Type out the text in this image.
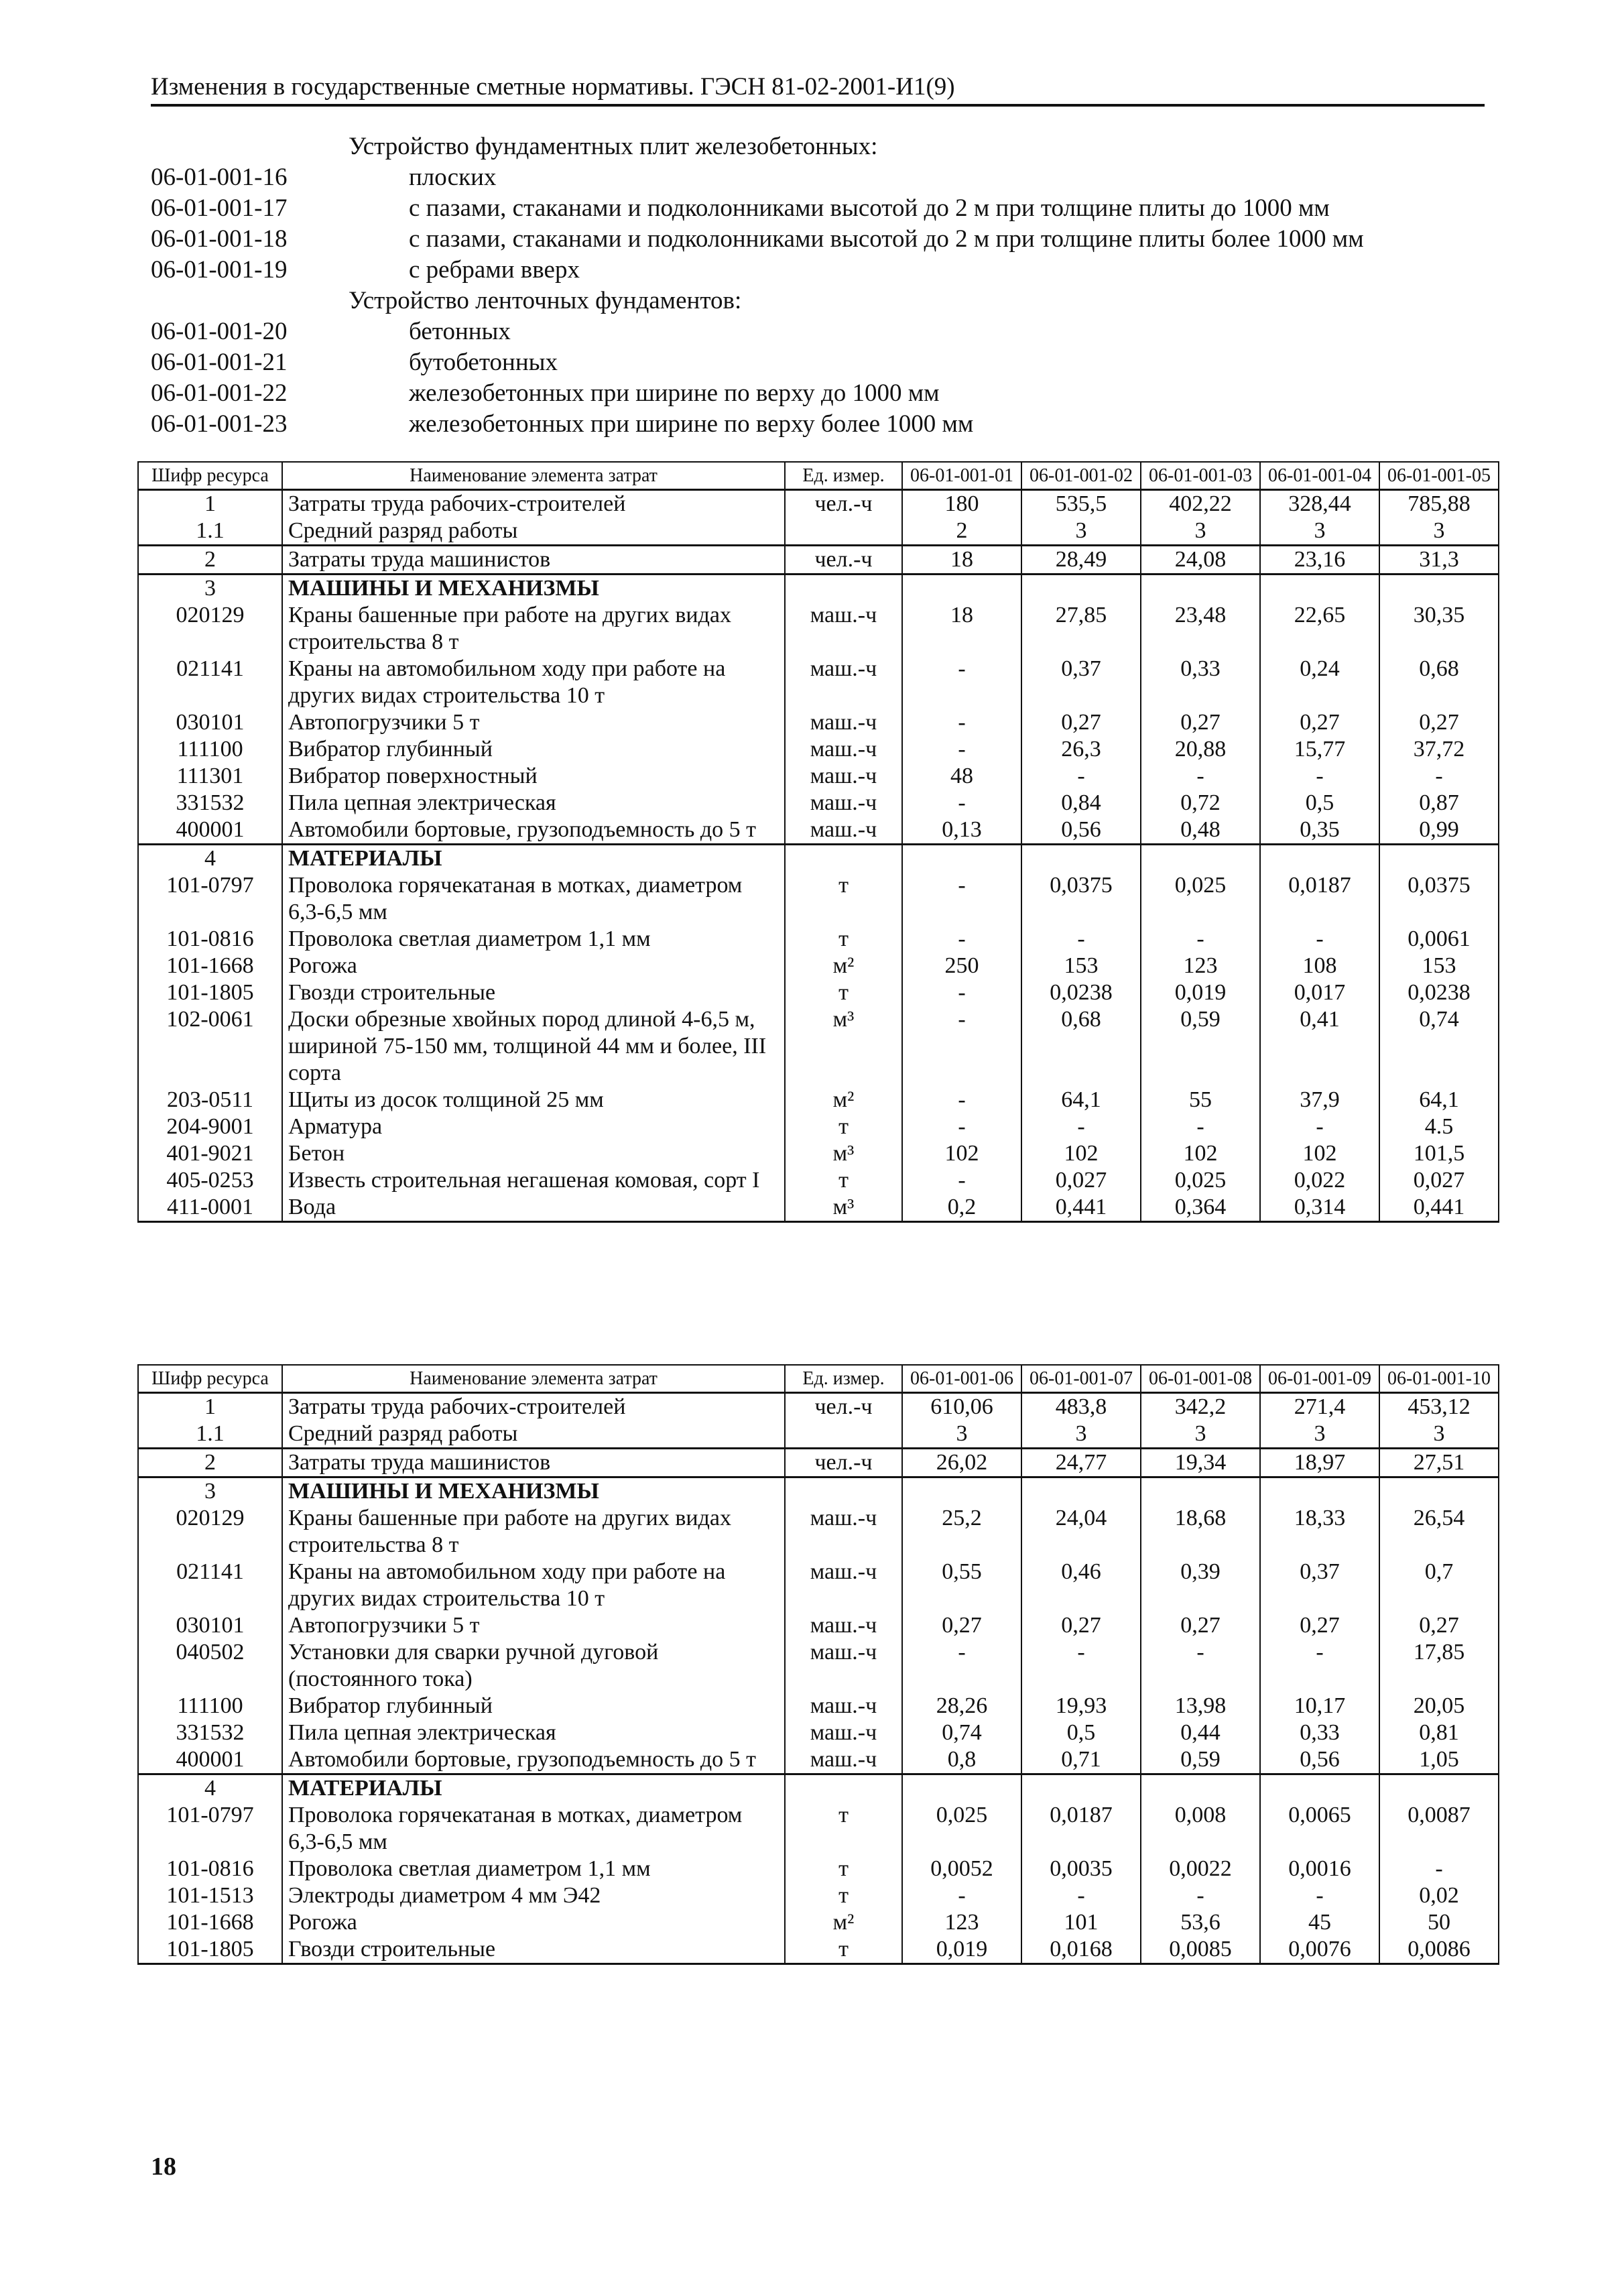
Изменения в государственные сметные нормативы. ГЭСН 81-02-2001-И1(9)
Устройство фундаментных плит железобетонных:
06-01-001-16	плоских
06-01-001-17	с пазами, стаканами и подколонниками высотой до 2 м при толщине плиты до 1000 мм
06-01-001-18	с пазами, стаканами и подколонниками высотой до 2 м при толщине плиты более 1000 мм
06-01-001-19	с ребрами вверх
Устройство ленточных фундаментов:
06-01-001-20	бетонных
06-01-001-21	бутобетонных
06-01-001-22	железобетонных при ширине по верху до 1000 мм
06-01-001-23	железобетонных при ширине по верху более 1000 мм
Шифр ресурса	Наименование элемента затрат	Ед. измер.	06-01-001-01	06-01-001-02	06-01-001-03	06-01-001-04	06-01-001-05
1	Затраты труда рабочих-строителей	чел.-ч	180	535,5	402,22	328,44	785,88
1.1	Средний разряд работы		2	3	3	3	3
2	Затраты труда машинистов	чел.-ч	18	28,49	24,08	23,16	31,3
3	МАШИНЫ И МЕХАНИЗМЫ						
020129	Краны башенные при работе на других видах строительства 8 т	маш.-ч	18	27,85	23,48	22,65	30,35
021141	Краны на автомобильном ходу при работе на других видах строительства 10 т	маш.-ч	-	0,37	0,33	0,24	0,68
030101	Автопогрузчики 5 т	маш.-ч	-	0,27	0,27	0,27	0,27
111100	Вибратор глубинный	маш.-ч	-	26,3	20,88	15,77	37,72
111301	Вибратор поверхностный	маш.-ч	48	-	-	-	-
331532	Пила цепная электрическая	маш.-ч	-	0,84	0,72	0,5	0,87
400001	Автомобили бортовые, грузоподъемность до 5 т	маш.-ч	0,13	0,56	0,48	0,35	0,99
4	МАТЕРИАЛЫ						
101-0797	Проволока горячекатаная в мотках, диаметром 6,3-6,5 мм	т	-	0,0375	0,025	0,0187	0,0375
101-0816	Проволока светлая диаметром 1,1 мм	т	-	-	-	-	0,0061
101-1668	Рогожа	м²	250	153	123	108	153
101-1805	Гвозди строительные	т	-	0,0238	0,019	0,017	0,0238
102-0061	Доски обрезные хвойных пород длиной 4-6,5 м, шириной 75-150 мм, толщиной 44 мм и более, III сорта	м³	-	0,68	0,59	0,41	0,74
203-0511	Щиты из досок толщиной 25 мм	м²	-	64,1	55	37,9	64,1
204-9001	Арматура	т	-	-	-	-	4.5
401-9021	Бетон	м³	102	102	102	102	101,5
405-0253	Известь строительная негашеная комовая, сорт I	т	-	0,027	0,025	0,022	0,027
411-0001	Вода	м³	0,2	0,441	0,364	0,314	0,441
Шифр ресурса	Наименование элемента затрат	Ед. измер.	06-01-001-06	06-01-001-07	06-01-001-08	06-01-001-09	06-01-001-10
1	Затраты труда рабочих-строителей	чел.-ч	610,06	483,8	342,2	271,4	453,12
1.1	Средний разряд работы		3	3	3	3	3
2	Затраты труда машинистов	чел.-ч	26,02	24,77	19,34	18,97	27,51
3	МАШИНЫ И МЕХАНИЗМЫ						
020129	Краны башенные при работе на других видах строительства 8 т	маш.-ч	25,2	24,04	18,68	18,33	26,54
021141	Краны на автомобильном ходу при работе на других видах строительства 10 т	маш.-ч	0,55	0,46	0,39	0,37	0,7
030101	Автопогрузчики 5 т	маш.-ч	0,27	0,27	0,27	0,27	0,27
040502	Установки для сварки ручной дуговой (постоянного тока)	маш.-ч	-	-	-	-	17,85
111100	Вибратор глубинный	маш.-ч	28,26	19,93	13,98	10,17	20,05
331532	Пила цепная электрическая	маш.-ч	0,74	0,5	0,44	0,33	0,81
400001	Автомобили бортовые, грузоподъемность до 5 т	маш.-ч	0,8	0,71	0,59	0,56	1,05
4	МАТЕРИАЛЫ						
101-0797	Проволока горячекатаная в мотках, диаметром 6,3-6,5 мм	т	0,025	0,0187	0,008	0,0065	0,0087
101-0816	Проволока светлая диаметром 1,1 мм	т	0,0052	0,0035	0,0022	0,0016	-
101-1513	Электроды диаметром 4 мм Э42	т	-	-	-	-	0,02
101-1668	Рогожа	м²	123	101	53,6	45	50
101-1805	Гвозди строительные	т	0,019	0,0168	0,0085	0,0076	0,0086
18
